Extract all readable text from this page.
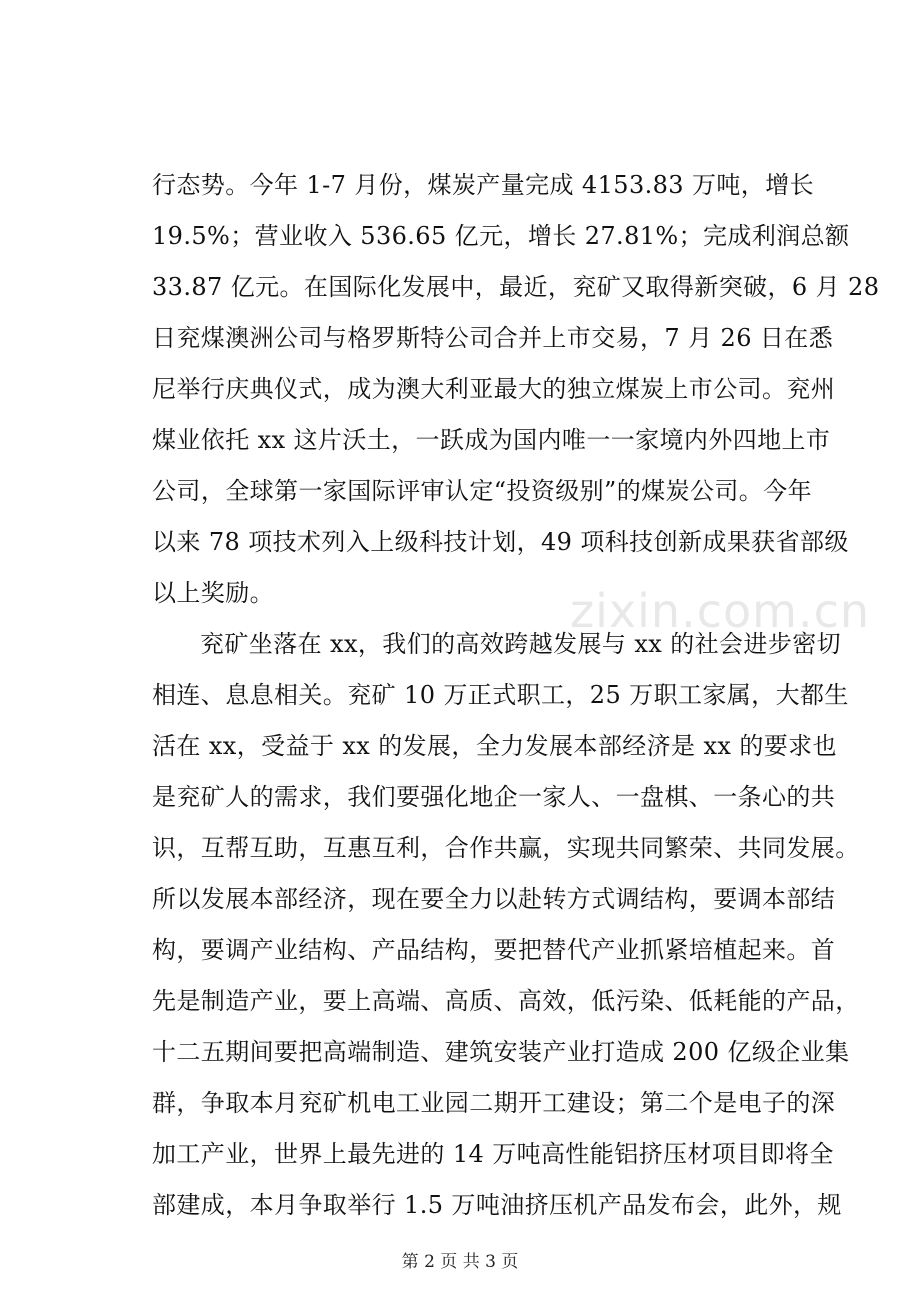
zixin.com.cn
行态势。今年 1-7 月份，煤炭产量完成 4153.83 万吨，增长
19.5%；营业收入 536.65 亿元，增长 27.81%；完成利润总额
33.87 亿元。在国际化发展中，最近，兖矿又取得新突破，6 月 28
日兖煤澳洲公司与格罗斯特公司合并上市交易，7 月 26 日在悉
尼举行庆典仪式，成为澳大利亚最大的独立煤炭上市公司。兖州
煤业依托 xx 这片沃土，一跃成为国内唯一一家境内外四地上市
公司，全球第一家国际评审认定“投资级别”的煤炭公司。今年
以来 78 项技术列入上级科技计划，49 项科技创新成果获省部级
以上奖励。
兖矿坐落在 xx，我们的高效跨越发展与 xx 的社会进步密切
相连、息息相关。兖矿 10 万正式职工，25 万职工家属，大都生
活在 xx，受益于 xx 的发展，全力发展本部经济是 xx 的要求也
是兖矿人的需求，我们要强化地企一家人、一盘棋、一条心的共
识，互帮互助，互惠互利，合作共赢，实现共同繁荣、共同发展。
所以发展本部经济，现在要全力以赴转方式调结构，要调本部结
构，要调产业结构、产品结构，要把替代产业抓紧培植起来。首
先是制造产业，要上高端、高质、高效，低污染、低耗能的产品，
十二五期间要把高端制造、建筑安装产业打造成 200 亿级企业集
群，争取本月兖矿机电工业园二期开工建设；第二个是电子的深
加工产业，世界上最先进的 14 万吨高性能铝挤压材项目即将全
部建成，本月争取举行 1.5 万吨油挤压机产品发布会，此外，规
第 2 页 共 3 页
